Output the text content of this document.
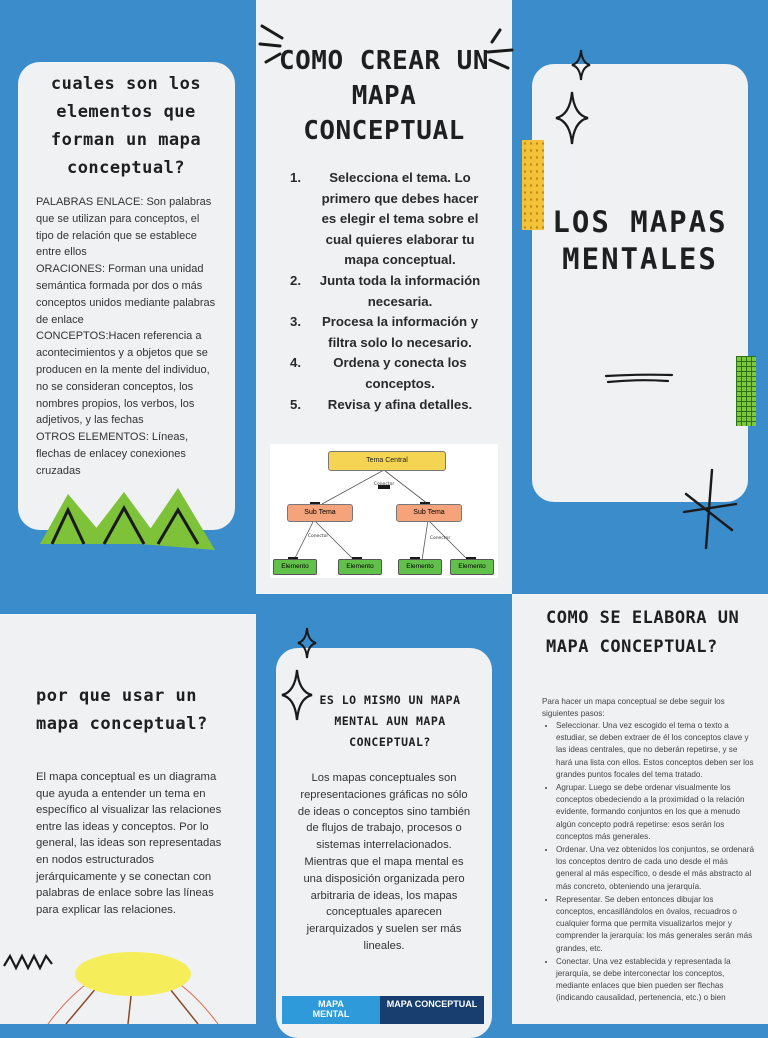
cuales son los elementos que forman un mapa conceptual?
PALABRAS ENLACE: Son palabras que se utilizan para conceptos, el tipo de relación que se establece entre ellos
ORACIONES: Forman una unidad semántica formada por dos o más conceptos unidos mediante palabras de enlace
CONCEPTOS:Hacen referencia a acontecimientos y a objetos que se producen en la mente del individuo, no se consideran conceptos, los nombres propios, los verbos, los adjetivos, y las fechas
OTROS ELEMENTOS: Líneas, flechas de enlacey conexiones cruzadas
COMO CREAR UN MAPA CONCEPTUAL
1.	Selecciona el tema. Lo primero que debes hacer es elegir el tema sobre el cual quieres elaborar tu mapa conceptual.
2.	Junta toda la información necesaria.
3.	Procesa la información y filtra solo lo necesario.
4.	Ordena y conecta los conceptos.
5.	Revisa y afina detalles.
Tema Central
Conector
Sub Tema	Sub Tema
Conector	Conector
Elemento	Elemento	Elemento	Elemento
LOS MAPAS MENTALES
por que usar un mapa conceptual?
El mapa conceptual es un diagrama que ayuda a entender un tema en específico al visualizar las relaciones entre las ideas y conceptos. Por lo general, las ideas son representadas en nodos estructurados jerárquicamente y se conectan con palabras de enlace sobre las líneas para explicar las relaciones.
ES LO MISMO UN MAPA MENTAL AUN MAPA CONCEPTUAL?
Los mapas conceptuales son representaciones gráficas no sólo de ideas o conceptos sino también de flujos de trabajo, procesos o sistemas interrelacionados. Mientras que el mapa mental es una disposición organizada pero arbitraria de ideas, los mapas conceptuales aparecen jerarquizados y suelen ser más lineales.
MAPA MENTAL
MAPA CONCEPTUAL
COMO SE ELABORA UN MAPA CONCEPTUAL?
Para hacer un mapa conceptual se debe seguir los siguientes pasos:
• Seleccionar. Una vez escogido el tema o texto a estudiar, se deben extraer de él los conceptos clave y las ideas centrales, que no deberán repetirse, y se hará una lista con ellos. Estos conceptos deben ser los grandes puntos focales del tema tratado.
• Agrupar. Luego se debe ordenar visualmente los conceptos obedeciendo a la proximidad o la relación evidente, formando conjuntos en los que a menudo algún concepto podrá repetirse: esos serán los conceptos más generales.
• Ordenar. Una vez obtenidos los conjuntos, se ordenará los conceptos dentro de cada uno desde el más general al más específico, o desde el más abstracto al más concreto, obteniendo una jerarquía.
• Representar. Se deben entonces dibujar los conceptos, encasillándolos en óvalos, recuadros o cualquier forma que permita visualizarlos mejor y comprender la jerarquía: los más generales serán más grandes, etc.
• Conectar. Una vez establecida y representada la jerarquía, se debe interconectar los conceptos, mediante enlaces que bien pueden ser flechas (indicando causalidad, pertenencia, etc.) o bien
